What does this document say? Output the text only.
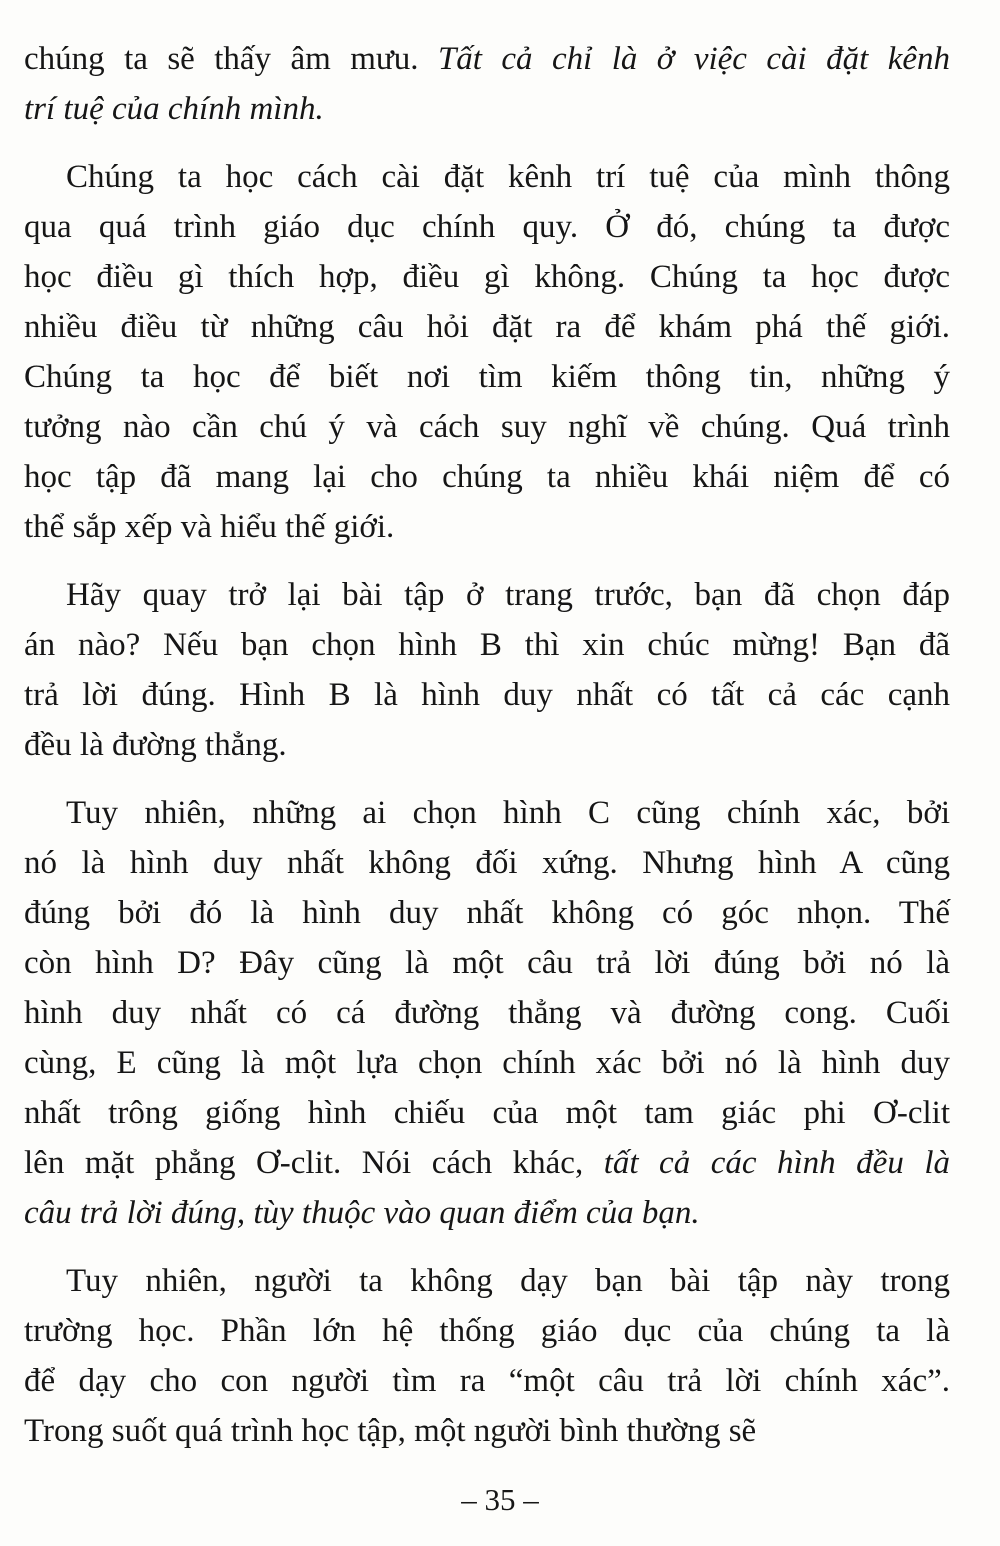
chúng ta sẽ thấy âm mưu. Tất cả chỉ là ở việc cài đặt kênh
trí tuệ của chính mình.
Chúng ta học cách cài đặt kênh trí tuệ của mình thông
qua quá trình giáo dục chính quy. Ở đó, chúng ta được
học điều gì thích hợp, điều gì không. Chúng ta học được
nhiều điều từ những câu hỏi đặt ra để khám phá thế giới.
Chúng ta học để biết nơi tìm kiếm thông tin, những ý
tưởng nào cần chú ý và cách suy nghĩ về chúng. Quá trình
học tập đã mang lại cho chúng ta nhiều khái niệm để có
thể sắp xếp và hiểu thế giới.
Hãy quay trở lại bài tập ở trang trước, bạn đã chọn đáp
án nào? Nếu bạn chọn hình B thì xin chúc mừng! Bạn đã
trả lời đúng. Hình B là hình duy nhất có tất cả các cạnh
đều là đường thẳng.
Tuy nhiên, những ai chọn hình C cũng chính xác, bởi
nó là hình duy nhất không đối xứng. Nhưng hình A cũng
đúng bởi đó là hình duy nhất không có góc nhọn. Thế
còn hình D? Đây cũng là một câu trả lời đúng bởi nó là
hình duy nhất có cá đường thẳng và đường cong. Cuối
cùng, E cũng là một lựa chọn chính xác bởi nó là hình duy
nhất trông giống hình chiếu của một tam giác phi Ơ-clit
lên mặt phẳng Ơ-clit. Nói cách khác, tất cả các hình đều là
câu trả lời đúng, tùy thuộc vào quan điểm của bạn.
Tuy nhiên, người ta không dạy bạn bài tập này trong
trường học. Phần lớn hệ thống giáo dục của chúng ta là
để dạy cho con người tìm ra “một câu trả lời chính xác”.
Trong suốt quá trình học tập, một người bình thường sẽ
– 35 –
